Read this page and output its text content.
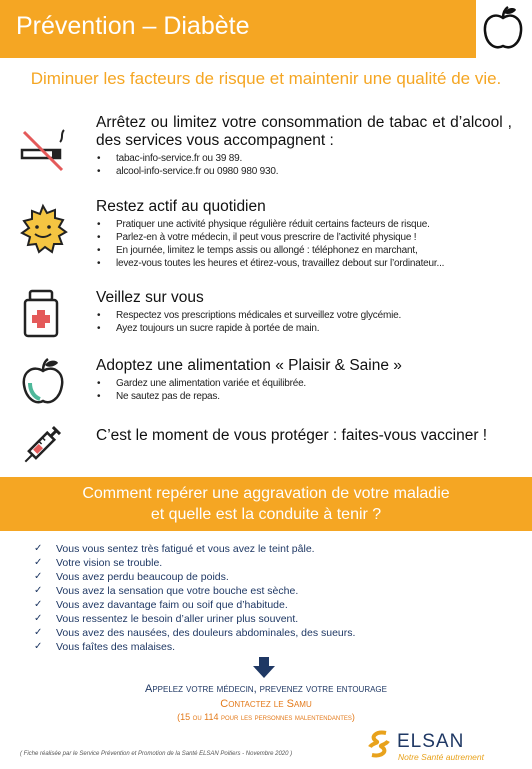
Prévention – Diabète
Diminuer les facteurs de risque et maintenir une qualité de vie.
Arrêtez ou limitez votre consommation de tabac et d’alcool , des services vous accompagnent :
• tabac-info-service.fr ou 39 89.
• alcool-info-service.fr ou 0980 980 930.
Restez actif au quotidien
• Pratiquer une activité physique régulière réduit certains facteurs de risque.
• Parlez-en à votre médecin, il peut vous prescrire de l’activité physique !
• En journée, limitez le temps assis ou allongé : téléphonez en marchant,
• levez-vous toutes les heures et étirez-vous, travaillez debout sur l’ordinateur...
Veillez sur vous
• Respectez vos prescriptions médicales et surveillez votre glycémie.
• Ayez toujours un sucre rapide à portée de main.
Adoptez une alimentation « Plaisir & Saine »
• Gardez une alimentation variée et équilibrée.
• Ne sautez pas de repas.
C’est le moment de vous protéger : faites-vous vacciner !
Comment repérer une aggravation de votre maladie
et quelle est la conduite à tenir ?
✓	Vous vous sentez très fatigué et vous avez le teint pâle.
✓	Votre vision se trouble.
✓	Vous avez perdu beaucoup de poids.
✓	Vous avez la sensation que votre bouche est sèche.
✓	Vous avez davantage faim ou soif que d’habitude.
✓	Vous ressentez le besoin d’aller uriner plus souvent.
✓	Vous avez des nausées, des douleurs abdominales, des sueurs.
✓	Vous faîtes des malaises.
Appelez votre médecin, prevenez votre entourage
Contactez le Samu
(15 ou 114 pour les personnes malentendantes)
( Fiche réalisée par le Service Prévention et Promotion de la Santé ELSAN Poitiers - Novembre 2020 )
ELSAN
Notre Santé autrement
